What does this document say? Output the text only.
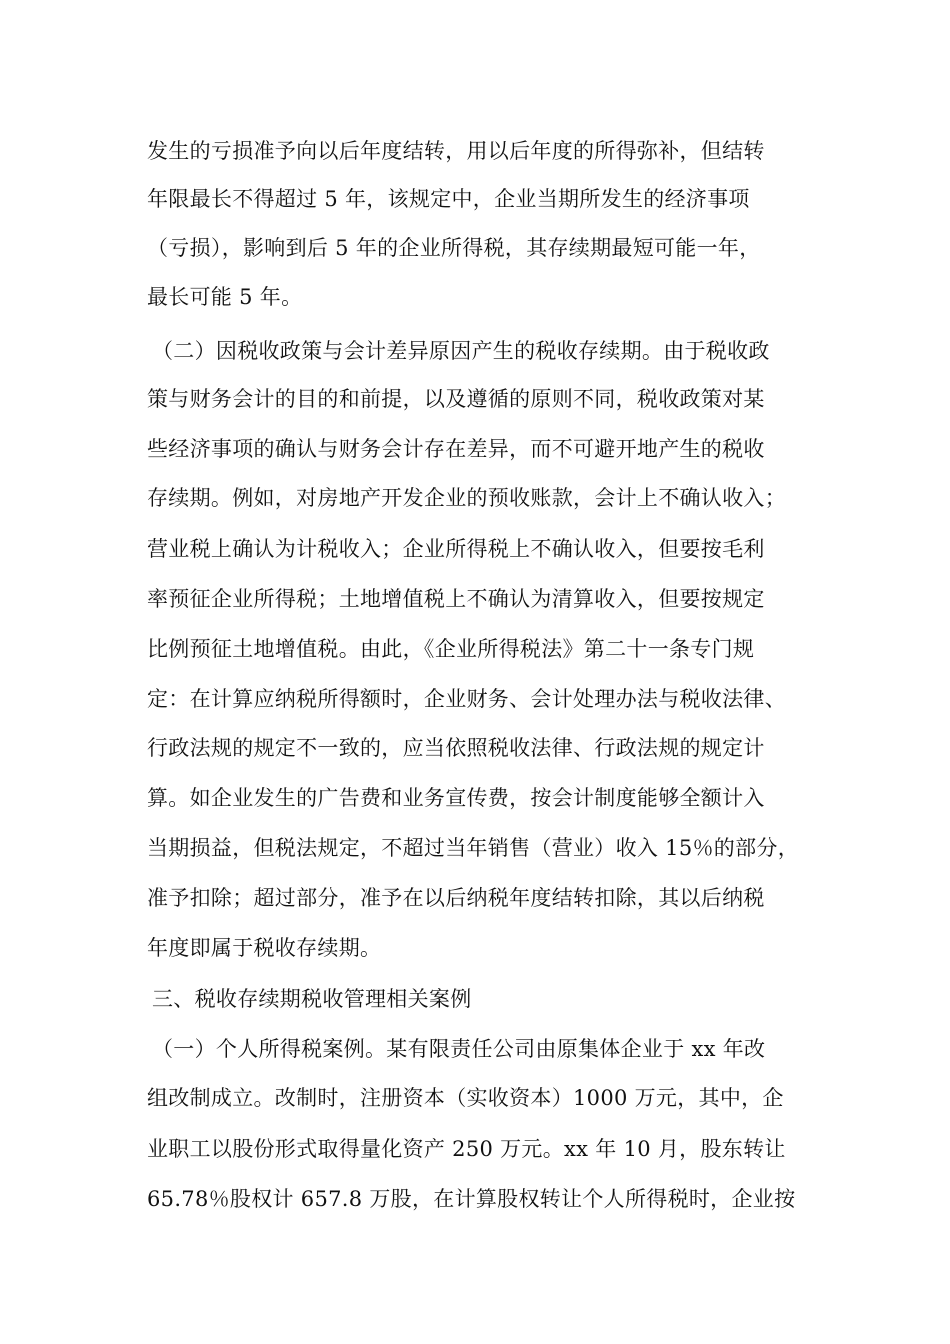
发生的亏损准予向以后年度结转，用以后年度的所得弥补，但结转
年限最长不得超过 5 年，该规定中，企业当期所发生的经济事项
（亏损），影响到后 5 年的企业所得税，其存续期最短可能一年，
最长可能 5 年。
（二）因税收政策与会计差异原因产生的税收存续期。由于税收政
策与财务会计的目的和前提，以及遵循的原则不同，税收政策对某
些经济事项的确认与财务会计存在差异，而不可避开地产生的税收
存续期。例如，对房地产开发企业的预收账款，会计上不确认收入；
营业税上确认为计税收入；企业所得税上不确认收入，但要按毛利
率预征企业所得税；土地增值税上不确认为清算收入，但要按规定
比例预征土地增值税。由此，《企业所得税法》第二十一条专门规
定：在计算应纳税所得额时，企业财务、会计处理办法与税收法律、
行政法规的规定不一致的，应当依照税收法律、行政法规的规定计
算。如企业发生的广告费和业务宣传费，按会计制度能够全额计入
当期损益，但税法规定，不超过当年销售（营业）收入 15％的部分，
准予扣除；超过部分，准予在以后纳税年度结转扣除，其以后纳税
年度即属于税收存续期。
三、税收存续期税收管理相关案例
（一）个人所得税案例。某有限责任公司由原集体企业于 xx 年改
组改制成立。改制时，注册资本（实收资本）1000 万元，其中，企
业职工以股份形式取得量化资产 250 万元。xx 年 10 月，股东转让
65.78％股权计 657.8 万股，在计算股权转让个人所得税时，企业按
